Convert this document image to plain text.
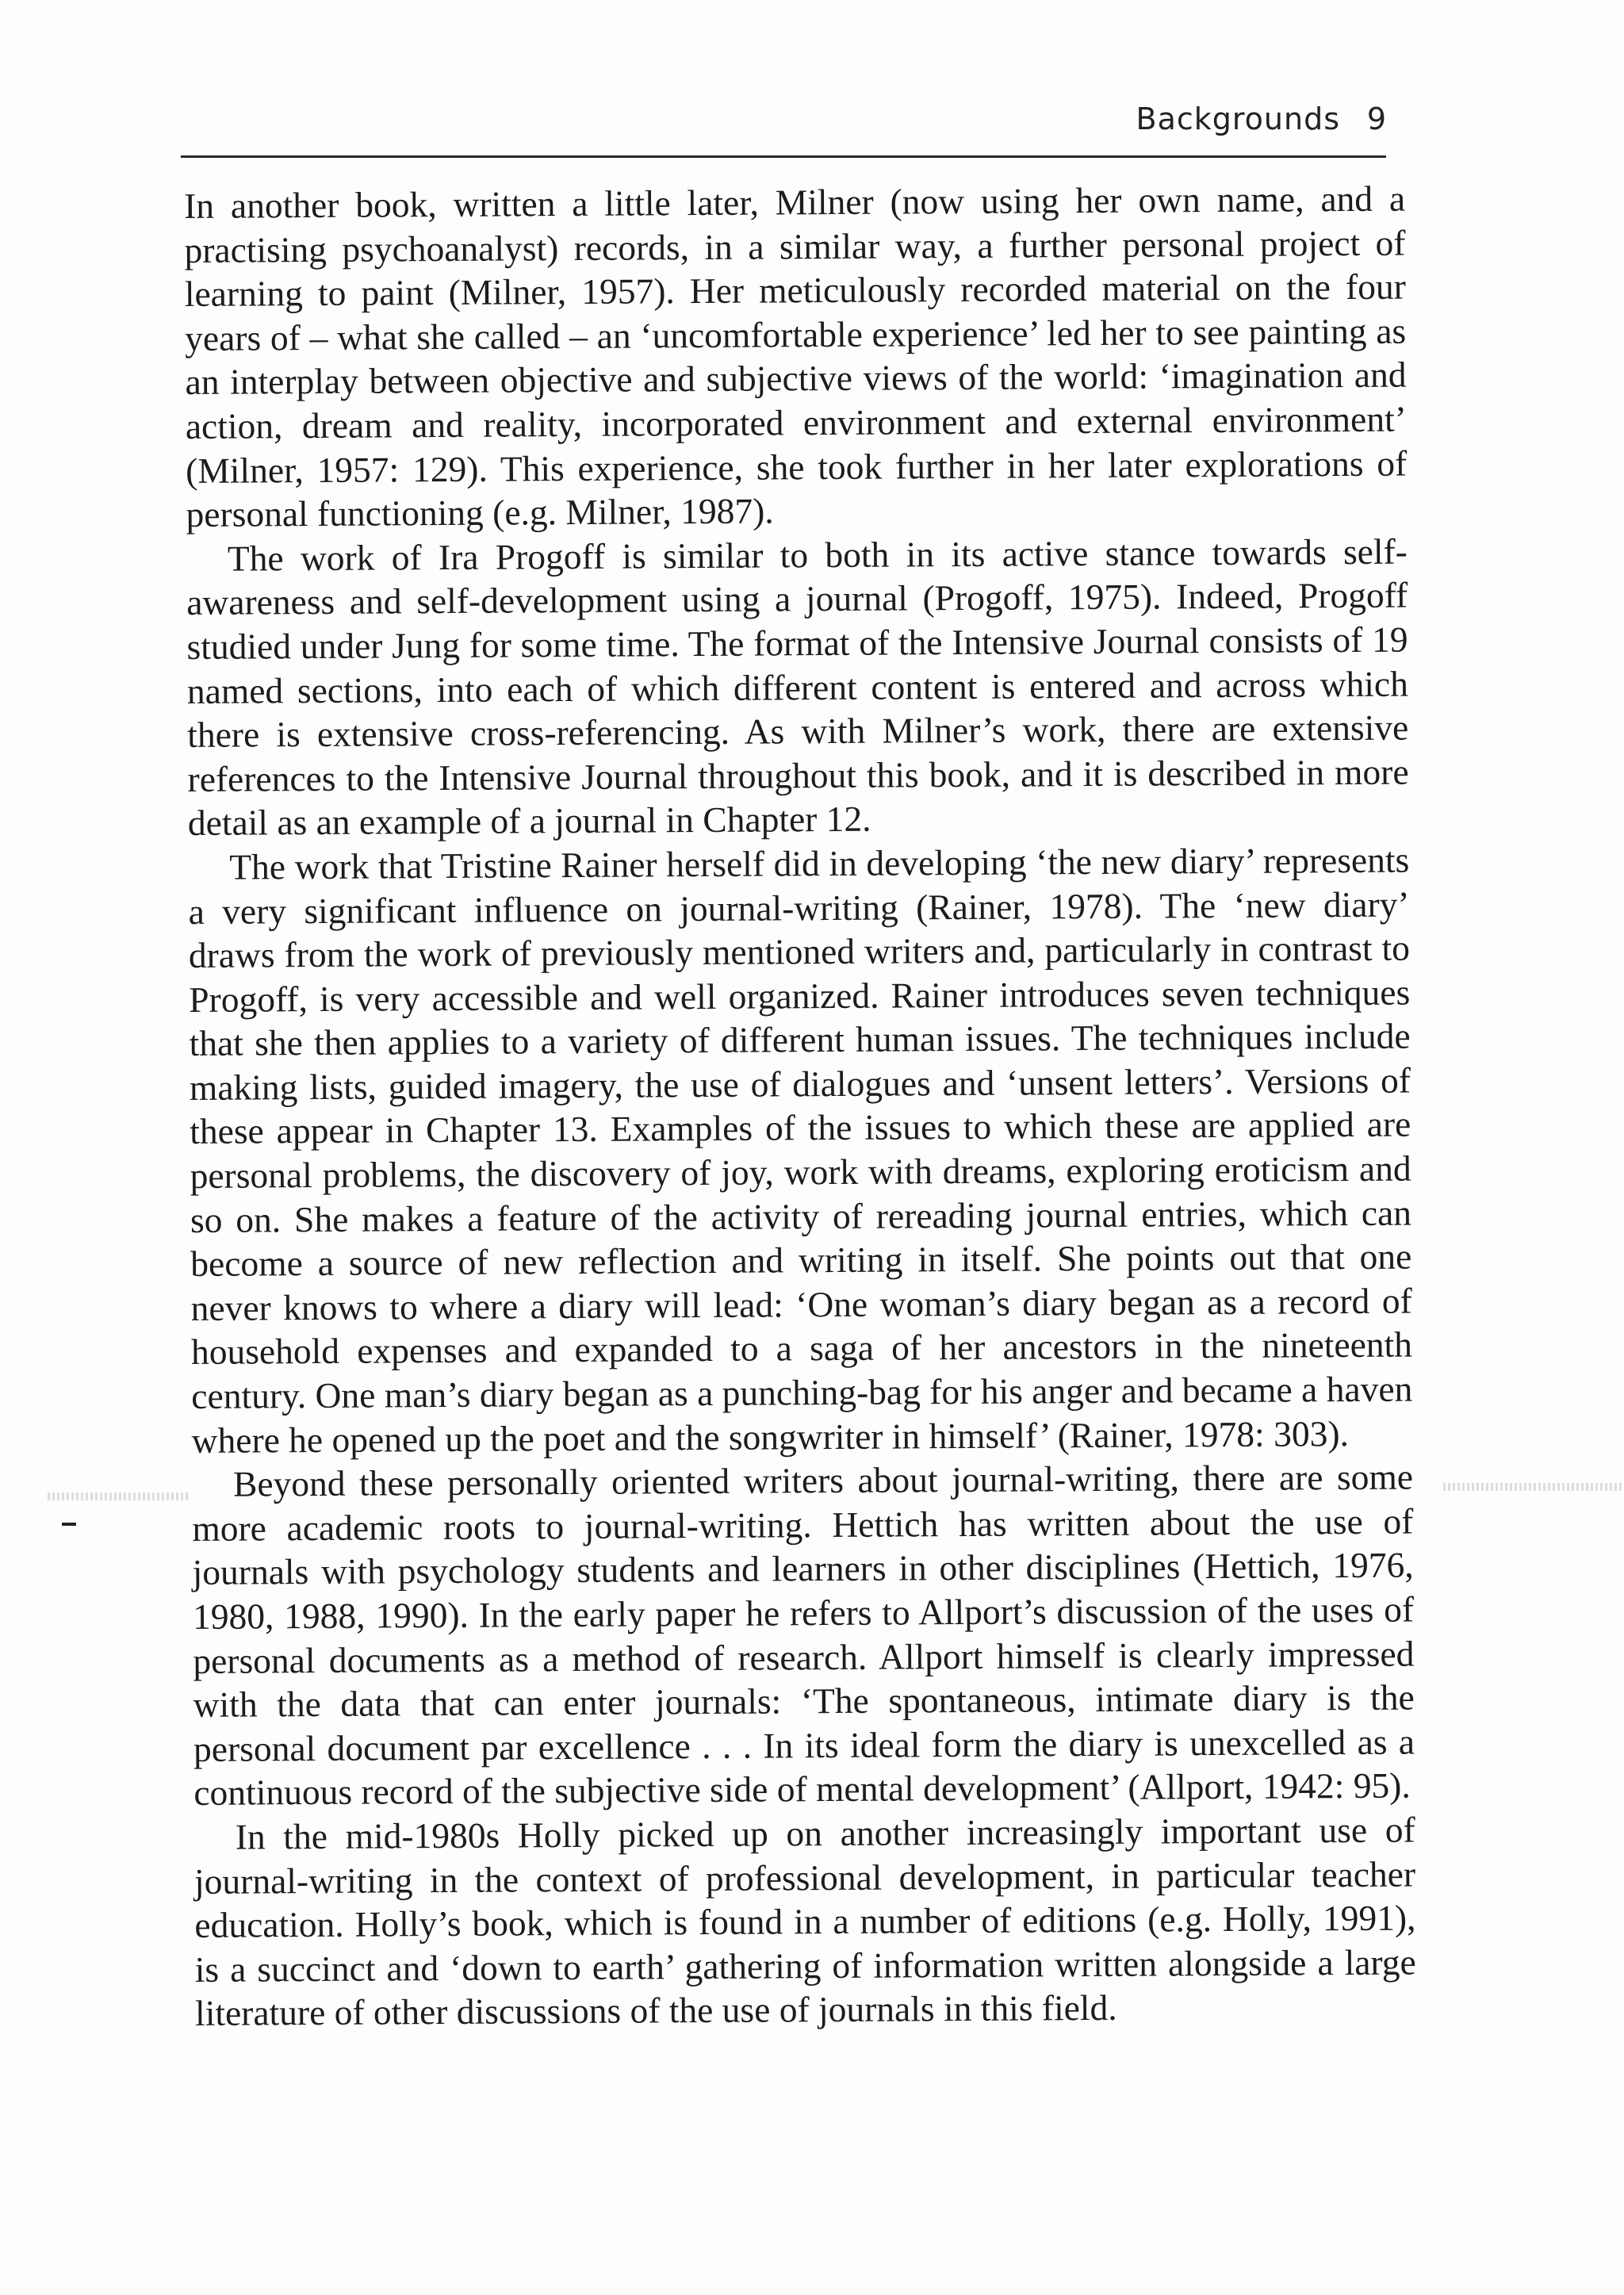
Backgrounds 9

In another book, written a little later, Milner (now using her own name, and a practising psychoanalyst) records, in a similar way, a further personal project of learning to paint (Milner, 1957). Her meticulously recorded material on the four years of – what she called – an ‘uncomfortable experience’ led her to see painting as an interplay between objective and subjective views of the world: ‘imagination and action, dream and reality, incorporated environment and external environment’ (Milner, 1957: 129). This experience, she took further in her later explorations of personal functioning (e.g. Milner, 1987).

The work of Ira Progoff is similar to both in its active stance towards self-awareness and self-development using a journal (Progoff, 1975). Indeed, Progoff studied under Jung for some time. The format of the Intensive Journal consists of 19 named sections, into each of which different content is entered and across which there is extensive cross-referencing. As with Milner’s work, there are extensive references to the Intensive Journal throughout this book, and it is described in more detail as an example of a journal in Chapter 12.

The work that Tristine Rainer herself did in developing ‘the new diary’ represents a very significant influence on journal-writing (Rainer, 1978). The ‘new diary’ draws from the work of previously mentioned writers and, particularly in contrast to Progoff, is very accessible and well organized. Rainer introduces seven techniques that she then applies to a variety of different human issues. The techniques include making lists, guided imagery, the use of dialogues and ‘unsent letters’. Versions of these appear in Chapter 13. Examples of the issues to which these are applied are personal problems, the discovery of joy, work with dreams, exploring eroticism and so on. She makes a feature of the activity of rereading journal entries, which can become a source of new reflection and writing in itself. She points out that one never knows to where a diary will lead: ‘One woman’s diary began as a record of household expenses and expanded to a saga of her ancestors in the nineteenth century. One man’s diary began as a punching-bag for his anger and became a haven where he opened up the poet and the songwriter in himself’ (Rainer, 1978: 303).

Beyond these personally oriented writers about journal-writing, there are some more academic roots to journal-writing. Hettich has written about the use of journals with psychology students and learners in other disciplines (Hettich, 1976, 1980, 1988, 1990). In the early paper he refers to Allport’s discussion of the uses of personal documents as a method of research. Allport himself is clearly impressed with the data that can enter journals: ‘The spontaneous, intimate diary is the personal document par excellence . . . In its ideal form the diary is unexcelled as a continuous record of the subjective side of mental development’ (Allport, 1942: 95).

In the mid-1980s Holly picked up on another increasingly important use of journal-writing in the context of professional development, in particular teacher education. Holly’s book, which is found in a number of editions (e.g. Holly, 1991), is a succinct and ‘down to earth’ gathering of information written alongside a large literature of other discussions of the use of journals in this field.
